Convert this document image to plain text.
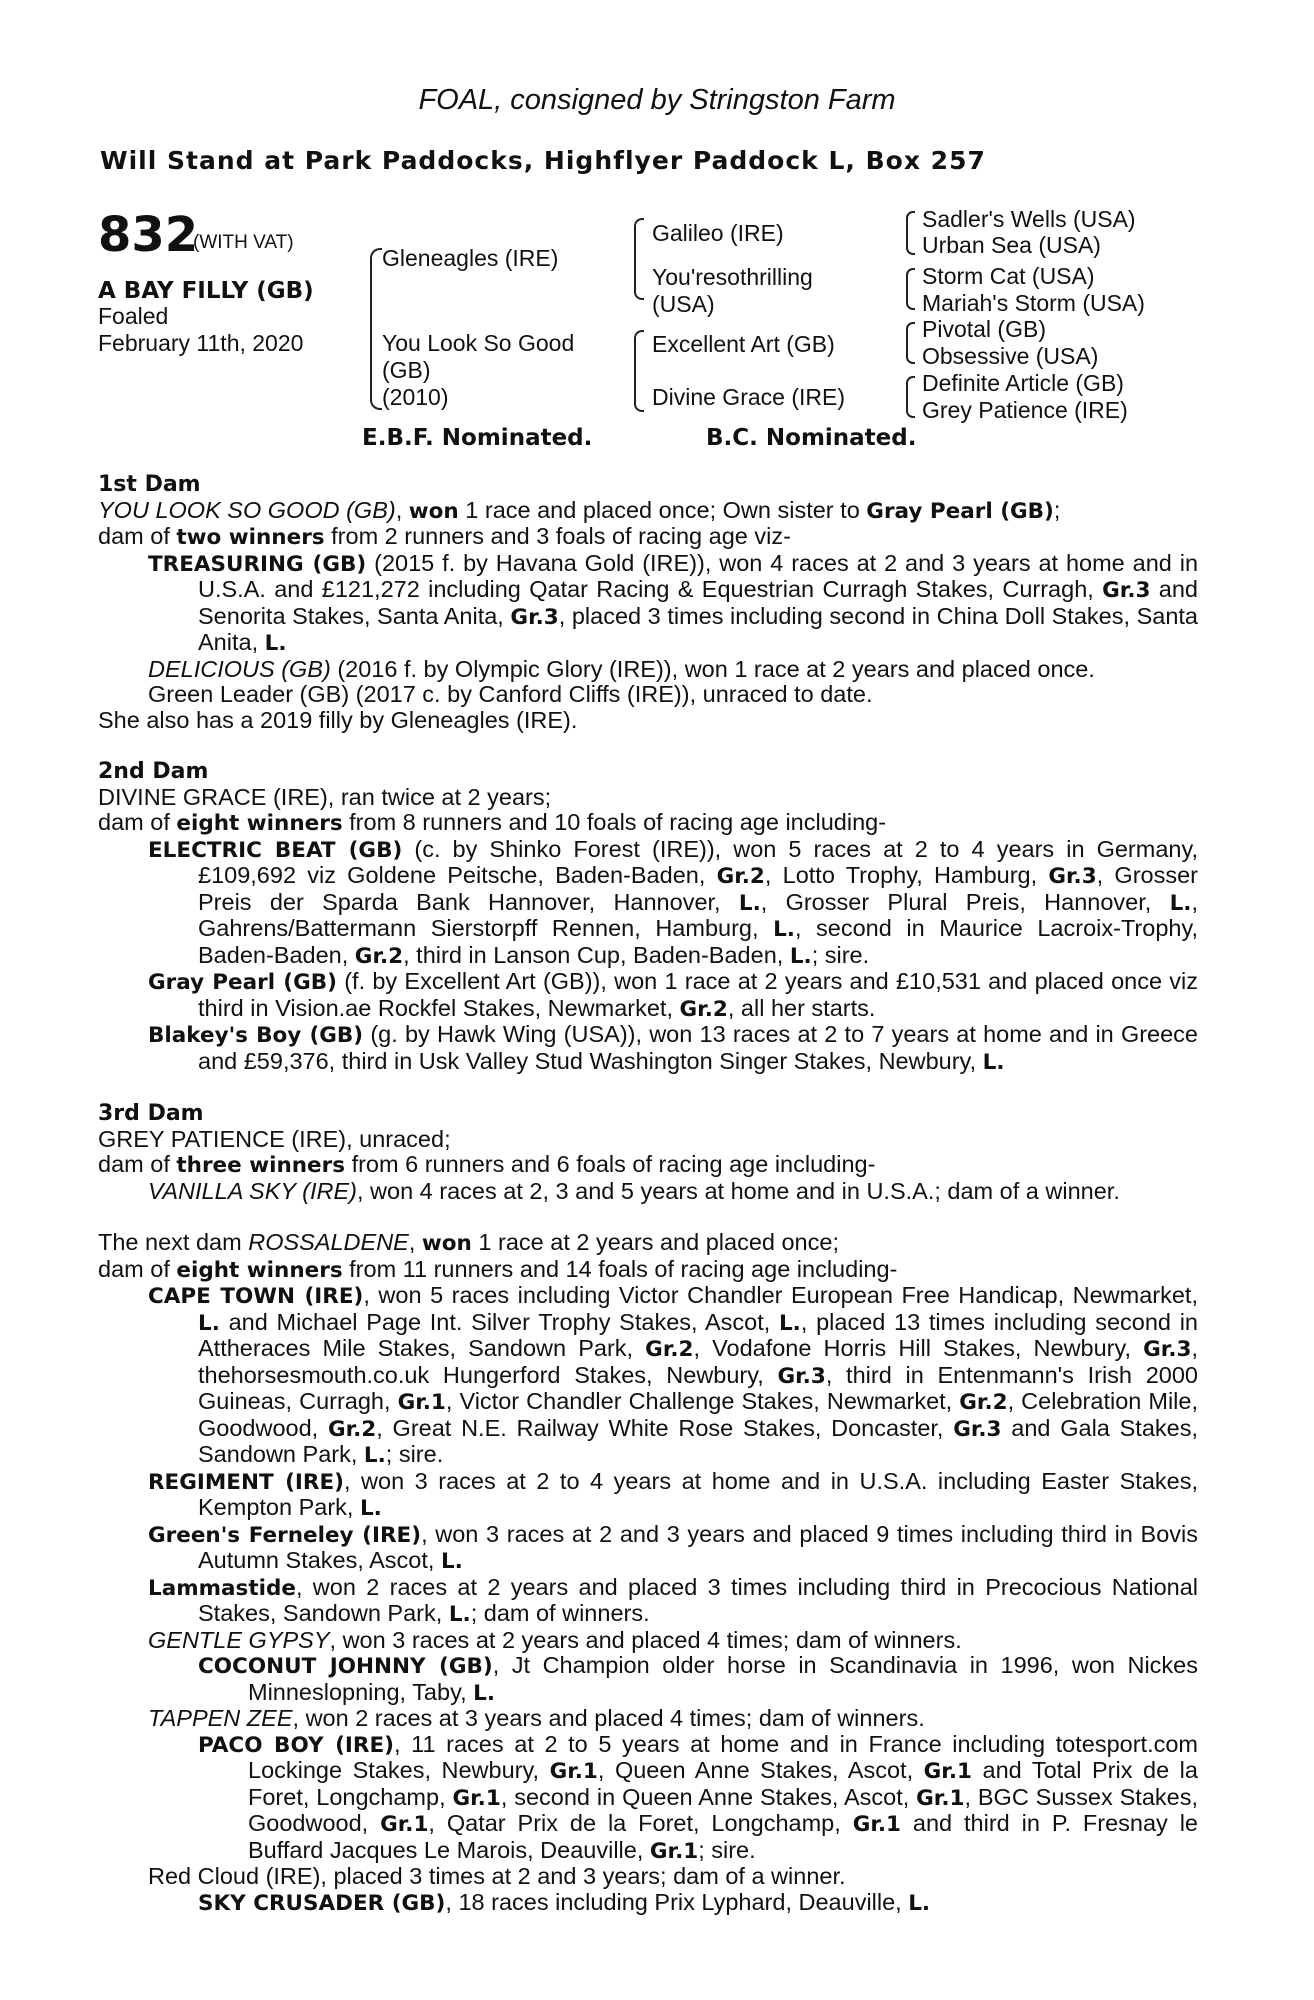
FOAL, consigned by Stringston Farm
Will Stand at Park Paddocks, Highflyer Paddock L, Box 257
832
(WITH VAT)
A BAY FILLY (GB)
Foaled
February 11th, 2020
Gleneagles (IRE)
You Look So Good
(GB)
(2010)
Galileo (IRE)
You'resothrilling
(USA)
Excellent Art (GB)
Divine Grace (IRE)
Sadler's Wells (USA)
Urban Sea (USA)
Storm Cat (USA)
Mariah's Storm (USA)
Pivotal (GB)
Obsessive (USA)
Definite Article (GB)
Grey Patience (IRE)
E.B.F. Nominated.	B.C. Nominated.

1st Dam

YOU LOOK SO GOOD (GB), won 1 race and placed once; Own sister to Gray Pearl (GB);

dam of two winners from 2 runners and 3 foals of racing age viz-

TREASURING (GB) (2015 f. by Havana Gold (IRE)), won 4 races at 2 and 3 years at home and in U.S.A. and £121,272 including Qatar Racing & Equestrian Curragh Stakes, Curragh, Gr.3 and Senorita Stakes, Santa Anita, Gr.3, placed 3 times including second in China Doll Stakes, Santa Anita, L.

DELICIOUS (GB) (2016 f. by Olympic Glory (IRE)), won 1 race at 2 years and placed once.

Green Leader (GB) (2017 c. by Canford Cliffs (IRE)), unraced to date.

She also has a 2019 filly by Gleneagles (IRE).

2nd Dam

DIVINE GRACE (IRE), ran twice at 2 years;

dam of eight winners from 8 runners and 10 foals of racing age including-

ELECTRIC BEAT (GB) (c. by Shinko Forest (IRE)), won 5 races at 2 to 4 years in Germany, £109,692 viz Goldene Peitsche, Baden-Baden, Gr.2, Lotto Trophy, Hamburg, Gr.3, Grosser Preis der Sparda Bank Hannover, Hannover, L., Grosser Plural Preis, Hannover, L., Gahrens/Battermann Sierstorpff Rennen, Hamburg, L., second in Maurice Lacroix-Trophy, Baden-Baden, Gr.2, third in Lanson Cup, Baden-Baden, L.; sire.

Gray Pearl (GB) (f. by Excellent Art (GB)), won 1 race at 2 years and £10,531 and placed once viz third in Vision.ae Rockfel Stakes, Newmarket, Gr.2, all her starts.

Blakey's Boy (GB) (g. by Hawk Wing (USA)), won 13 races at 2 to 7 years at home and in Greece and £59,376, third in Usk Valley Stud Washington Singer Stakes, Newbury, L.

3rd Dam

GREY PATIENCE (IRE), unraced;

dam of three winners from 6 runners and 6 foals of racing age including-

VANILLA SKY (IRE), won 4 races at 2, 3 and 5 years at home and in U.S.A.; dam of a winner.

The next dam ROSSALDENE, won 1 race at 2 years and placed once;

dam of eight winners from 11 runners and 14 foals of racing age including-

CAPE TOWN (IRE), won 5 races including Victor Chandler European Free Handicap, Newmarket, L. and Michael Page Int. Silver Trophy Stakes, Ascot, L., placed 13 times including second in Attheraces Mile Stakes, Sandown Park, Gr.2, Vodafone Horris Hill Stakes, Newbury, Gr.3, thehorsesmouth.co.uk Hungerford Stakes, Newbury, Gr.3, third in Entenmann's Irish 2000 Guineas, Curragh, Gr.1, Victor Chandler Challenge Stakes, Newmarket, Gr.2, Celebration Mile, Goodwood, Gr.2, Great N.E. Railway White Rose Stakes, Doncaster, Gr.3 and Gala Stakes, Sandown Park, L.; sire.

REGIMENT (IRE), won 3 races at 2 to 4 years at home and in U.S.A. including Easter Stakes, Kempton Park, L.

Green's Ferneley (IRE), won 3 races at 2 and 3 years and placed 9 times including third in Bovis Autumn Stakes, Ascot, L.

Lammastide, won 2 races at 2 years and placed 3 times including third in Precocious National Stakes, Sandown Park, L.; dam of winners.

GENTLE GYPSY, won 3 races at 2 years and placed 4 times; dam of winners.

COCONUT JOHNNY (GB), Jt Champion older horse in Scandinavia in 1996, won Nickes Minneslopning, Taby, L.

TAPPEN ZEE, won 2 races at 3 years and placed 4 times; dam of winners.

PACO BOY (IRE), 11 races at 2 to 5 years at home and in France including totesport.com Lockinge Stakes, Newbury, Gr.1, Queen Anne Stakes, Ascot, Gr.1 and Total Prix de la Foret, Longchamp, Gr.1, second in Queen Anne Stakes, Ascot, Gr.1, BGC Sussex Stakes, Goodwood, Gr.1, Qatar Prix de la Foret, Longchamp, Gr.1 and third in P. Fresnay le Buffard Jacques Le Marois, Deauville, Gr.1; sire.

Red Cloud (IRE), placed 3 times at 2 and 3 years; dam of a winner.

SKY CRUSADER (GB), 18 races including Prix Lyphard, Deauville, L.
